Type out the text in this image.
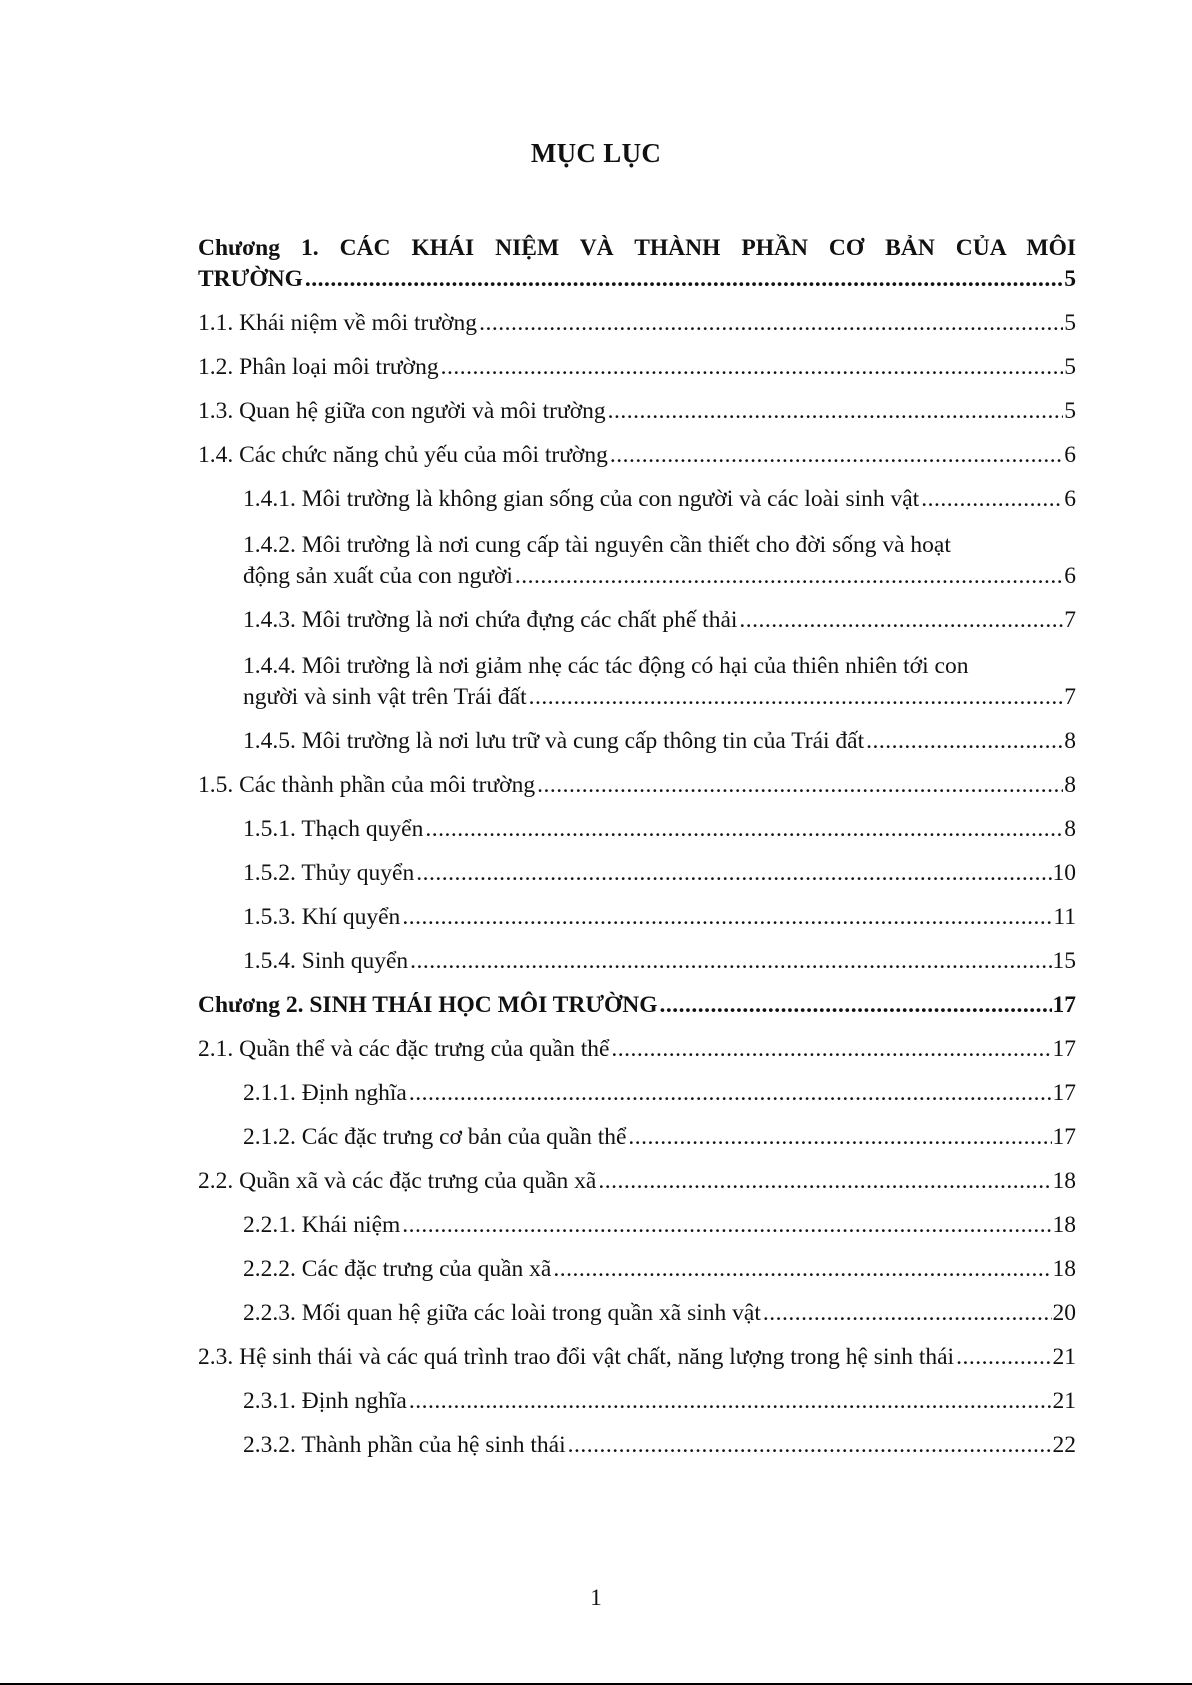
MỤC LỤC
Chương 1. CÁC KHÁI NIỆM VÀ THÀNH PHẦN CƠ BẢN CỦA MÔI
TRƯỜNG .....	5
1.1. Khái niệm về môi trường .....	5
1.2. Phân loại môi trường .....	5
1.3. Quan hệ giữa con người và môi trường .....	5
1.4. Các chức năng chủ yếu của môi trường .....	6
1.4.1. Môi trường là không gian sống của con người và các loài sinh vật .....	6
1.4.2. Môi trường là nơi cung cấp tài nguyên cần thiết cho đời sống và hoạt
động sản xuất của con người .....	6
1.4.3. Môi trường là nơi chứa đựng các chất phế thải .....	7
1.4.4. Môi trường là nơi giảm nhẹ các tác động có hại của thiên nhiên tới con
người và sinh vật trên Trái đất .....	7
1.4.5. Môi trường là nơi lưu trữ và cung cấp thông tin của Trái đất .....	8
1.5. Các thành phần của môi trường .....	8
1.5.1. Thạch quyển .....	8
1.5.2. Thủy quyển .....	10
1.5.3. Khí quyển .....	11
1.5.4. Sinh quyển .....	15
Chương 2. SINH THÁI HỌC MÔI TRƯỜNG .....	17
2.1. Quần thể và các đặc trưng của quần thể .....	17
2.1.1. Định nghĩa .....	17
2.1.2. Các đặc trưng cơ bản của quần thể .....	17
2.2. Quần xã và các đặc trưng của quần xã .....	18
2.2.1. Khái niệm .....	18
2.2.2. Các đặc trưng của quần xã .....	18
2.2.3. Mối quan hệ giữa các loài trong quần xã sinh vật .....	20
2.3. Hệ sinh thái và các quá trình trao đổi vật chất, năng lượng trong hệ sinh thái .....	21
2.3.1. Định nghĩa .....	21
2.3.2. Thành phần của hệ sinh thái .....	22
1
